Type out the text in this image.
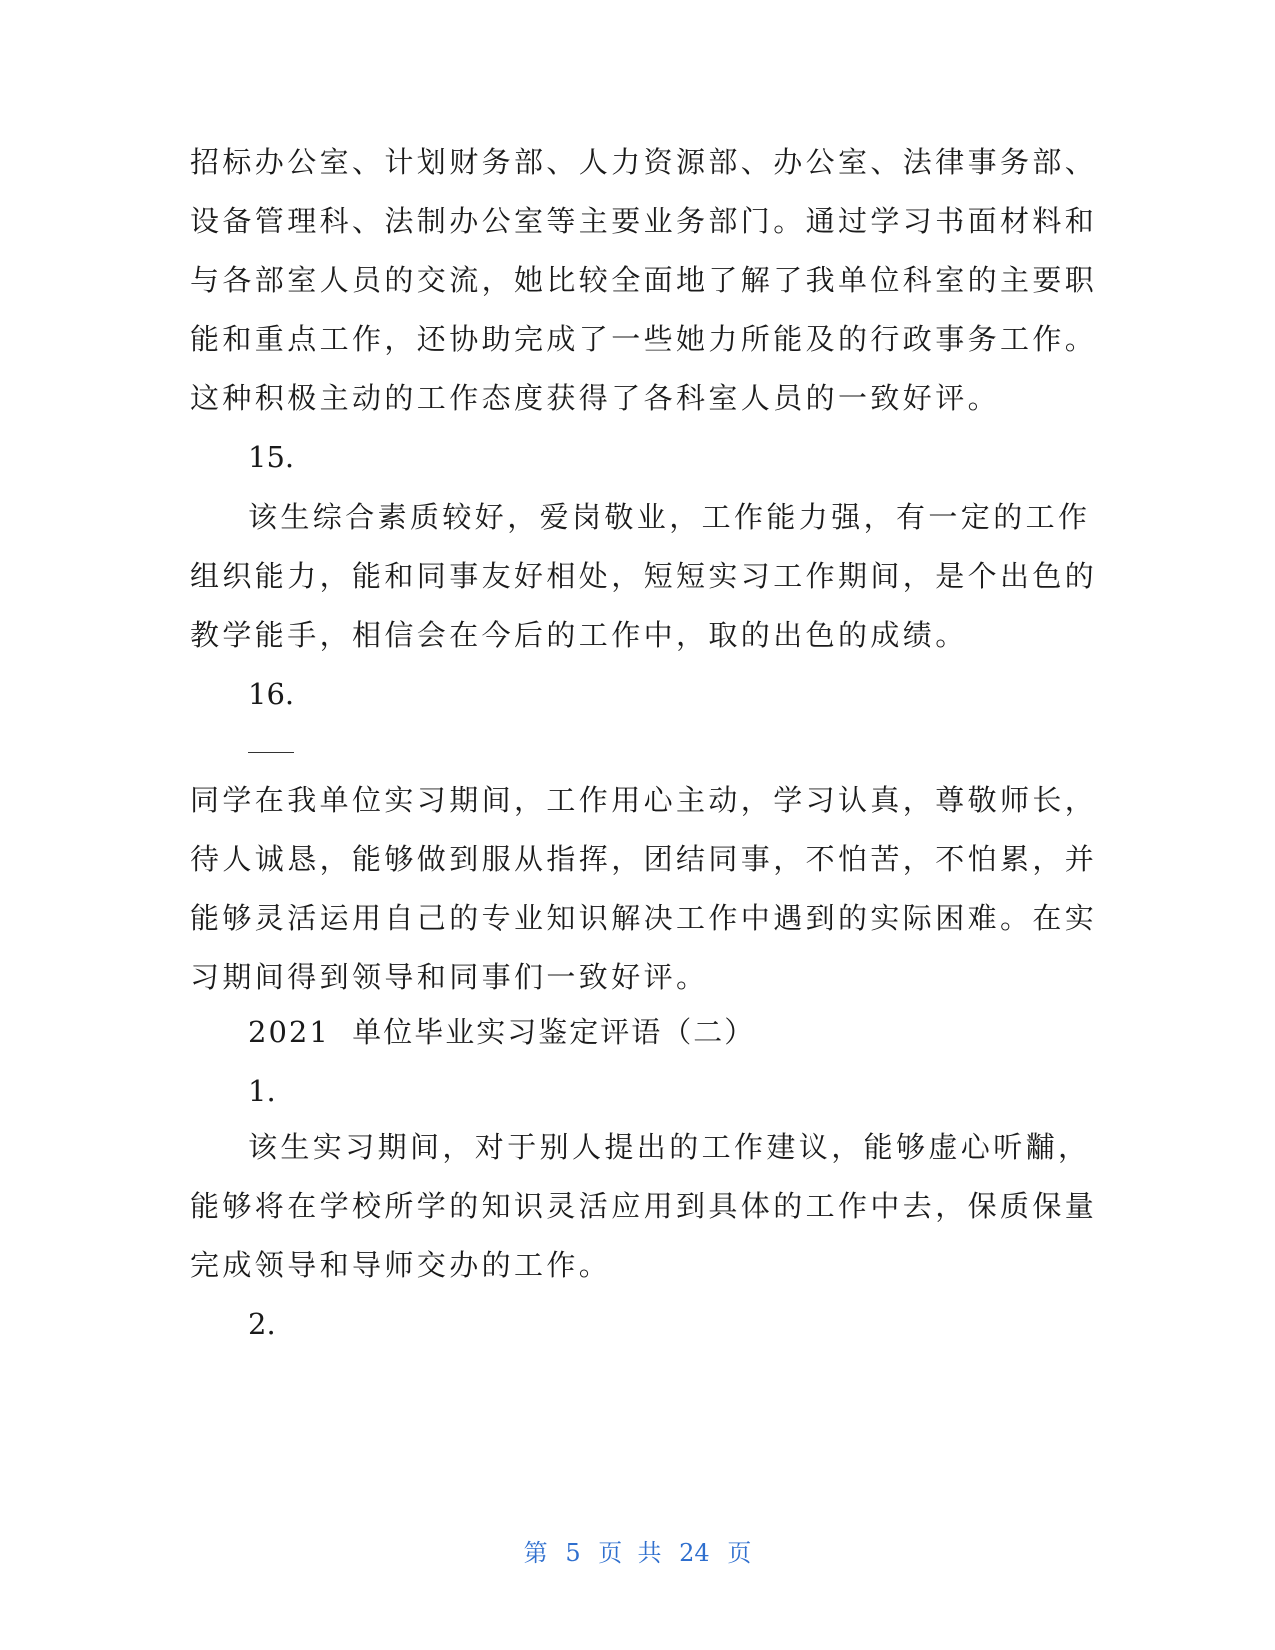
招标办公室、计划财务部、人力资源部、办公室、法律事务部、
设备管理科、法制办公室等主要业务部门。通过学习书面材料和
与各部室人员的交流，她比较全面地了解了我单位科室的主要职
能和重点工作，还协助完成了一些她力所能及的行政事务工作。
这种积极主动的工作态度获得了各科室人员的一致好评。
15.
该生综合素质较好，爱岗敬业，工作能力强，有一定的工作
组织能力，能和同事友好相处，短短实习工作期间，是个出色的
教学能手，相信会在今后的工作中，取的出色的成绩。
16.
同学在我单位实习期间，工作用心主动，学习认真，尊敬师长，
待人诚恳，能够做到服从指挥，团结同事，不怕苦，不怕累，并
能够灵活运用自己的专业知识解决工作中遇到的实际困难。在实
习期间得到领导和同事们一致好评。
2021  单位毕业实习鉴定评语（二）
1.
该生实习期间，对于别人提出的工作建议，能够虚心听黼，
能够将在学校所学的知识灵活应用到具体的工作中去，保质保量
完成领导和导师交办的工作。
2.
第 5 页  共 24 页
